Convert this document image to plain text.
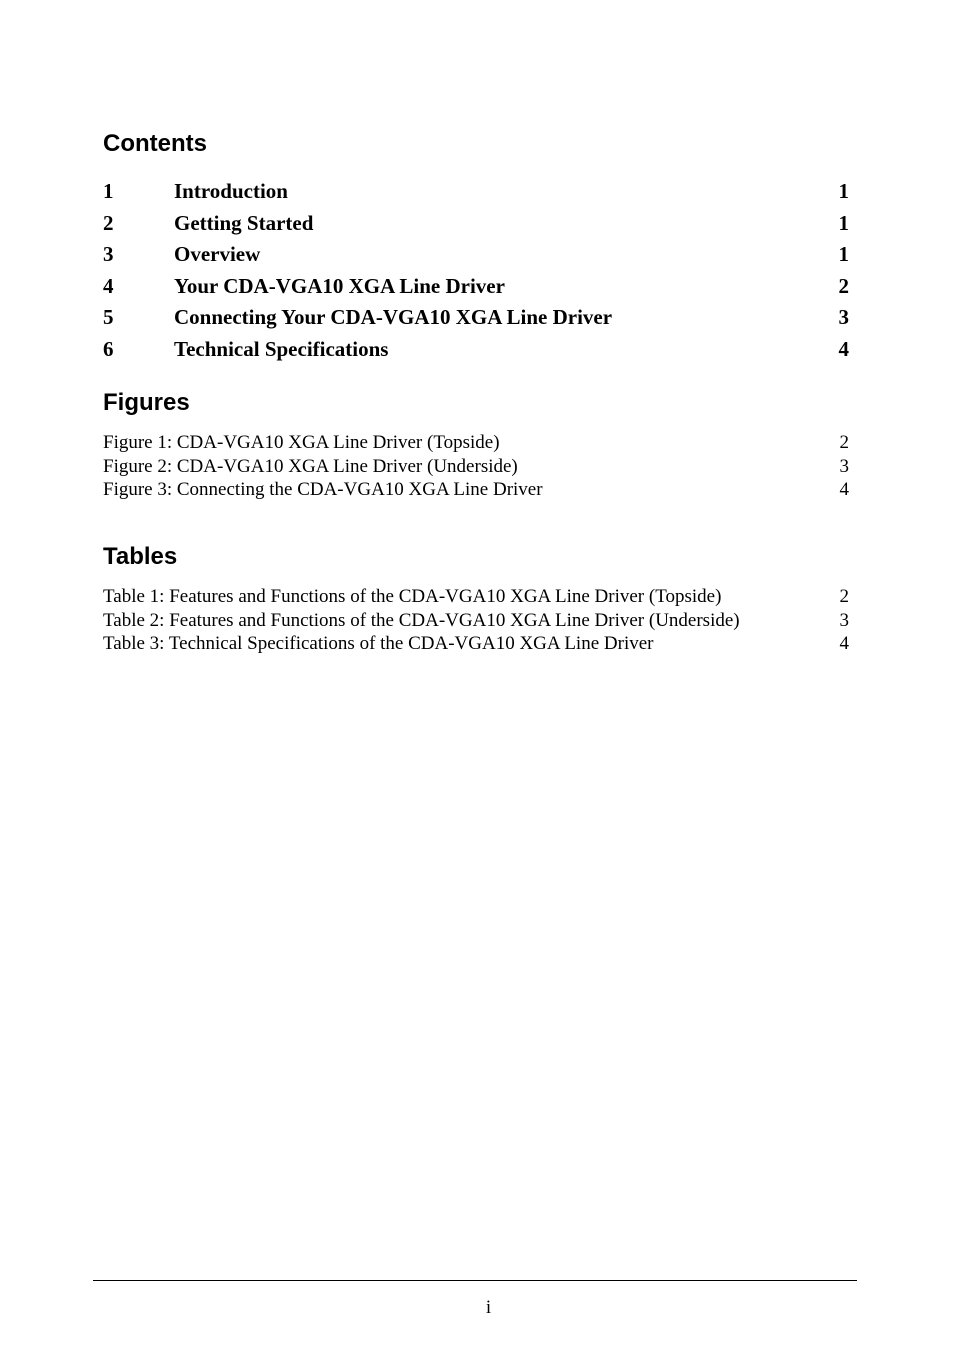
Contents
1	Introduction	1
2	Getting Started	1
3	Overview	1
4	Your CDA-VGA10 XGA Line Driver	2
5	Connecting Your CDA-VGA10 XGA Line Driver	3
6	Technical Specifications	4
Figures
Figure 1: CDA-VGA10 XGA Line Driver (Topside)	2
Figure 2: CDA-VGA10 XGA Line Driver (Underside)	3
Figure 3: Connecting the CDA-VGA10 XGA Line Driver	4
Tables
Table 1: Features and Functions of the CDA-VGA10 XGA Line Driver (Topside)	2
Table 2: Features and Functions of the CDA-VGA10 XGA Line Driver (Underside)	3
Table 3: Technical Specifications of the CDA-VGA10 XGA Line Driver	4
i
